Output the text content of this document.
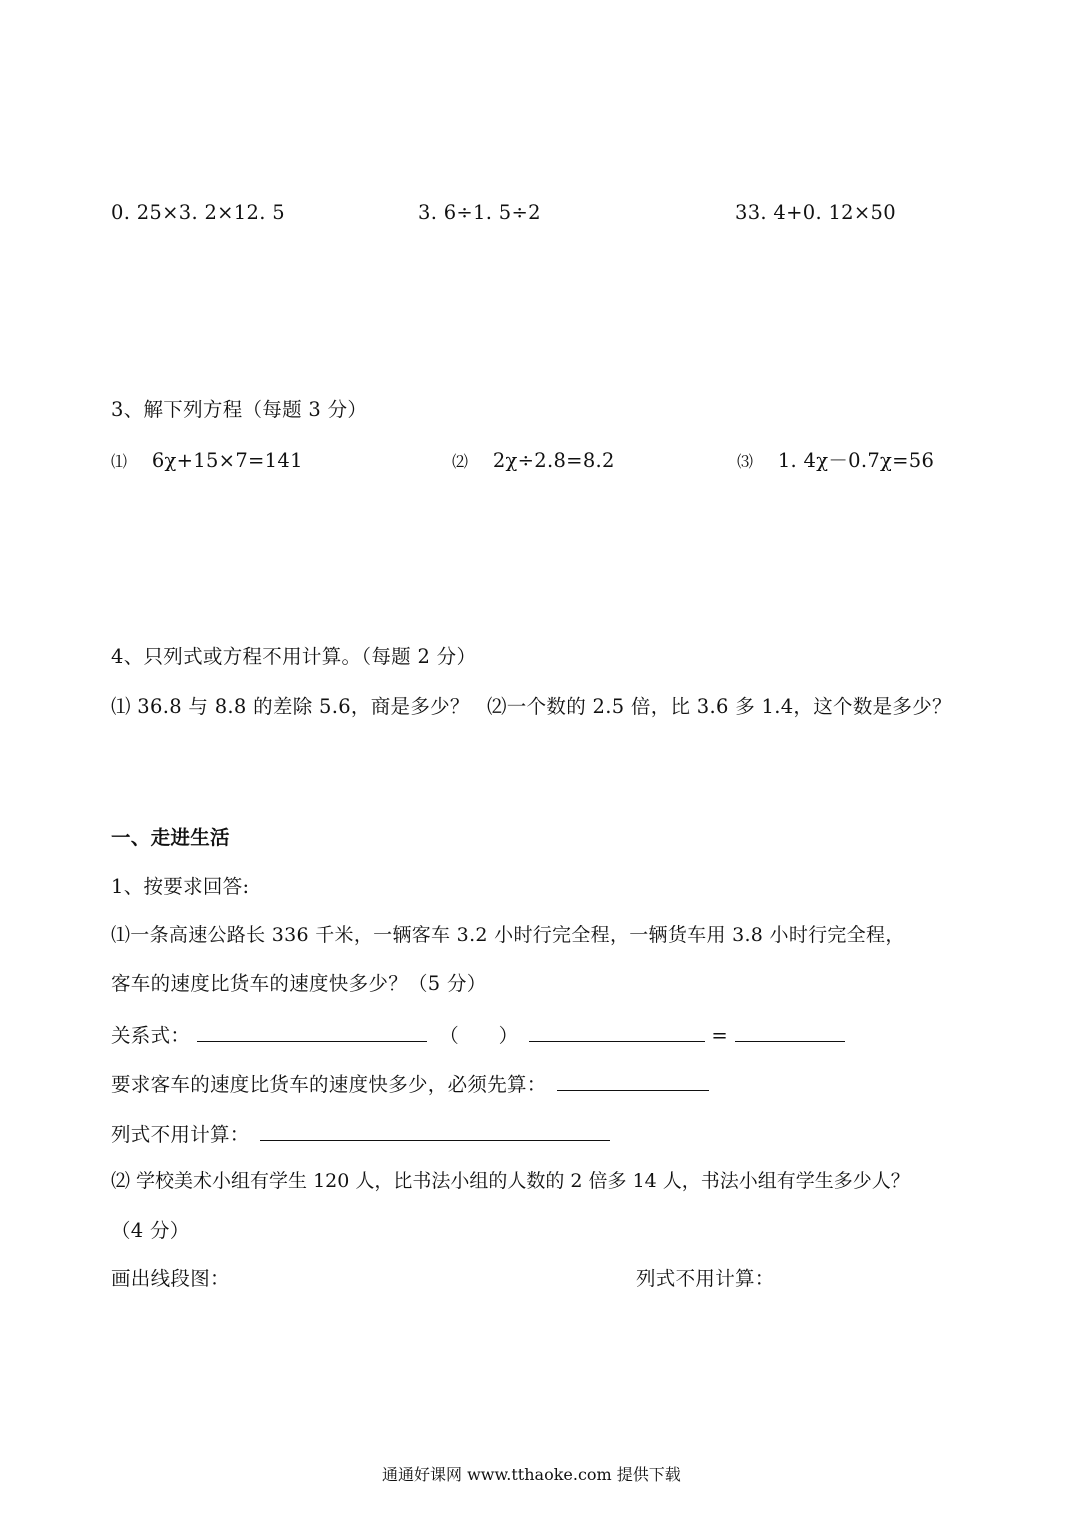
0. 25×3. 2×12. 5	3. 6÷1. 5÷2	33. 4+0. 12×50
3、解下列方程（每题 3 分）
⑴ 6χ+15×7=141	⑵ 2χ÷2.8=8.2	⑶ 1. 4χ－0.7χ=56
4、只列式或方程不用计算。（每题 2 分）
⑴ 36.8 与 8.8 的差除 5.6，商是多少？ ⑵一个数的 2.5 倍，比 3.6 多 1.4，这个数是多少？
一、走进生活
1、按要求回答:
⑴一条高速公路长 336 千米，一辆客车 3.2 小时行完全程，一辆货车用 3.8 小时行完全程，
客车的速度比货车的速度快多少？（5 分）
关系式：	（　　）	=
要求客车的速度比货车的速度快多少，必须先算：
列式不用计算：
⑵ 学校美术小组有学生 120 人，比书法小组的人数的 2 倍多 14 人，书法小组有学生多少人？
（4 分）
画出线段图：	列式不用计算：
通通好课网 www.tthaoke.com 提供下载
